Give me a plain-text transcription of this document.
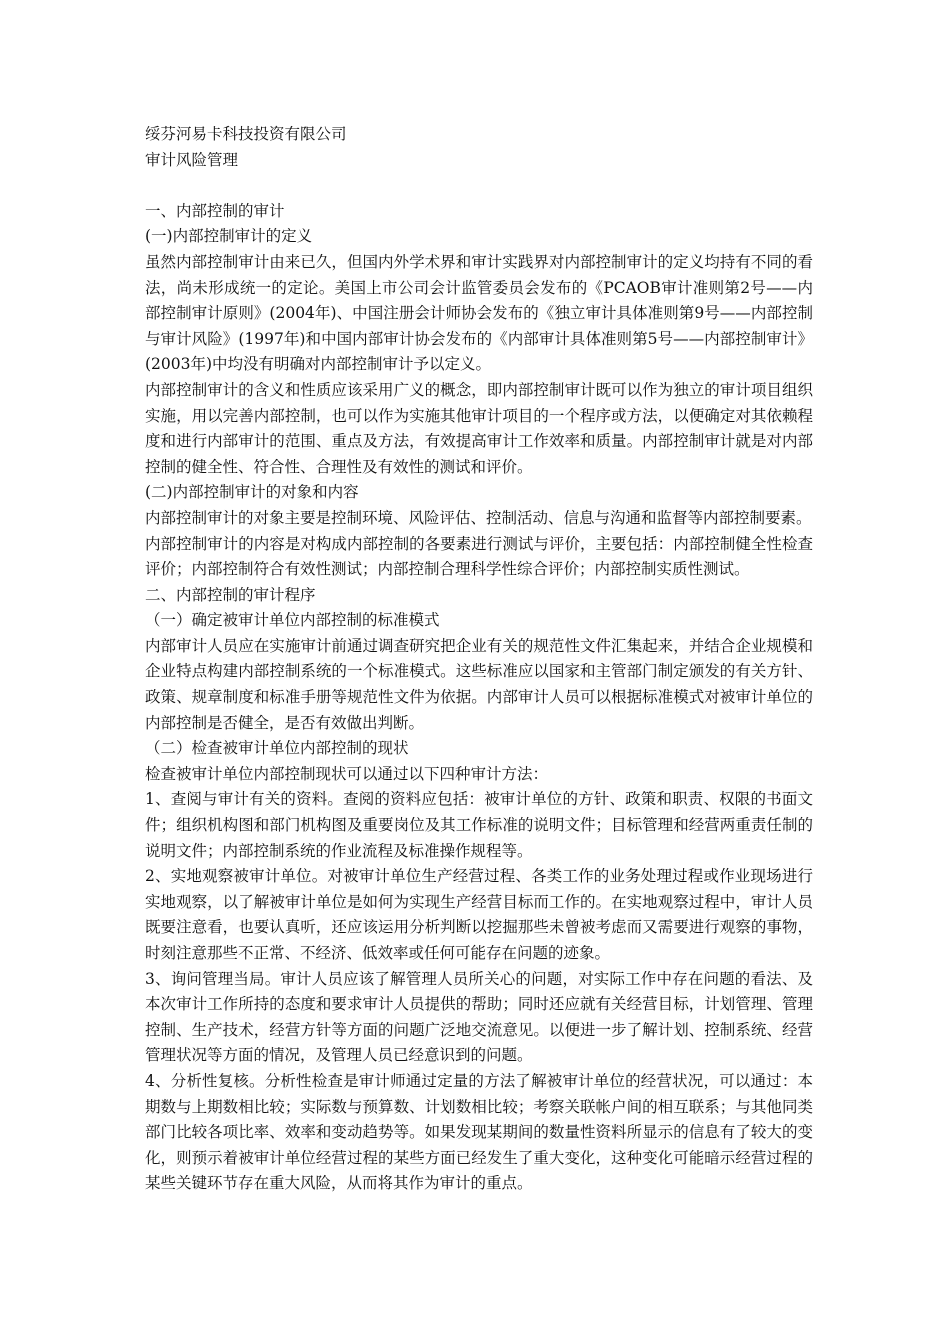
绥芬河易卡科技投资有限公司
审计风险管理
一、内部控制的审计
(一)内部控制审计的定义
虽然内部控制审计由来已久，但国内外学术界和审计实践界对内部控制审计的定义均持有不同的看法，尚未形成统一的定论。美国上市公司会计监管委员会发布的《PCAOB审计准则第2号——内部控制审计原则》(2004年)、中国注册会计师协会发布的《独立审计具体准则第9号——内部控制与审计风险》(1997年)和中国内部审计协会发布的《内部审计具体准则第5号——内部控制审计》(2003年)中均没有明确对内部控制审计予以定义。
内部控制审计的含义和性质应该采用广义的概念，即内部控制审计既可以作为独立的审计项目组织实施，用以完善内部控制，也可以作为实施其他审计项目的一个程序或方法，以便确定对其依赖程度和进行内部审计的范围、重点及方法，有效提高审计工作效率和质量。内部控制审计就是对内部控制的健全性、符合性、合理性及有效性的测试和评价。
(二)内部控制审计的对象和内容
内部控制审计的对象主要是控制环境、风险评估、控制活动、信息与沟通和监督等内部控制要素。
内部控制审计的内容是对构成内部控制的各要素进行测试与评价，主要包括：内部控制健全性检查评价；内部控制符合有效性测试；内部控制合理科学性综合评价；内部控制实质性测试。
二、内部控制的审计程序
（一）确定被审计单位内部控制的标准模式
内部审计人员应在实施审计前通过调查研究把企业有关的规范性文件汇集起来，并结合企业规模和企业特点构建内部控制系统的一个标准模式。这些标准应以国家和主管部门制定颁发的有关方针、政策、规章制度和标准手册等规范性文件为依据。内部审计人员可以根据标准模式对被审计单位的内部控制是否健全，是否有效做出判断。
（二）检查被审计单位内部控制的现状
检查被审计单位内部控制现状可以通过以下四种审计方法：
1、查阅与审计有关的资料。查阅的资料应包括：被审计单位的方针、政策和职责、权限的书面文件；组织机构图和部门机构图及重要岗位及其工作标准的说明文件；目标管理和经营两重责任制的说明文件；内部控制系统的作业流程及标准操作规程等。
2、实地观察被审计单位。对被审计单位生产经营过程、各类工作的业务处理过程或作业现场进行实地观察，以了解被审计单位是如何为实现生产经营目标而工作的。在实地观察过程中，审计人员既要注意看，也要认真听，还应该运用分析判断以挖掘那些未曾被考虑而又需要进行观察的事物，时刻注意那些不正常、不经济、低效率或任何可能存在问题的迹象。
3、询问管理当局。审计人员应该了解管理人员所关心的问题，对实际工作中存在问题的看法、及本次审计工作所持的态度和要求审计人员提供的帮助；同时还应就有关经营目标，计划管理、管理控制、生产技术，经营方针等方面的问题广泛地交流意见。以便进一步了解计划、控制系统、经营管理状况等方面的情况，及管理人员已经意识到的问题。
4、分析性复核。分析性检查是审计师通过定量的方法了解被审计单位的经营状况，可以通过：本期数与上期数相比较；实际数与预算数、计划数相比较；考察关联帐户间的相互联系；与其他同类部门比较各项比率、效率和变动趋势等。如果发现某期间的数量性资料所显示的信息有了较大的变化，则预示着被审计单位经营过程的某些方面已经发生了重大变化，这种变化可能暗示经营过程的某些关键环节存在重大风险，从而将其作为审计的重点。
